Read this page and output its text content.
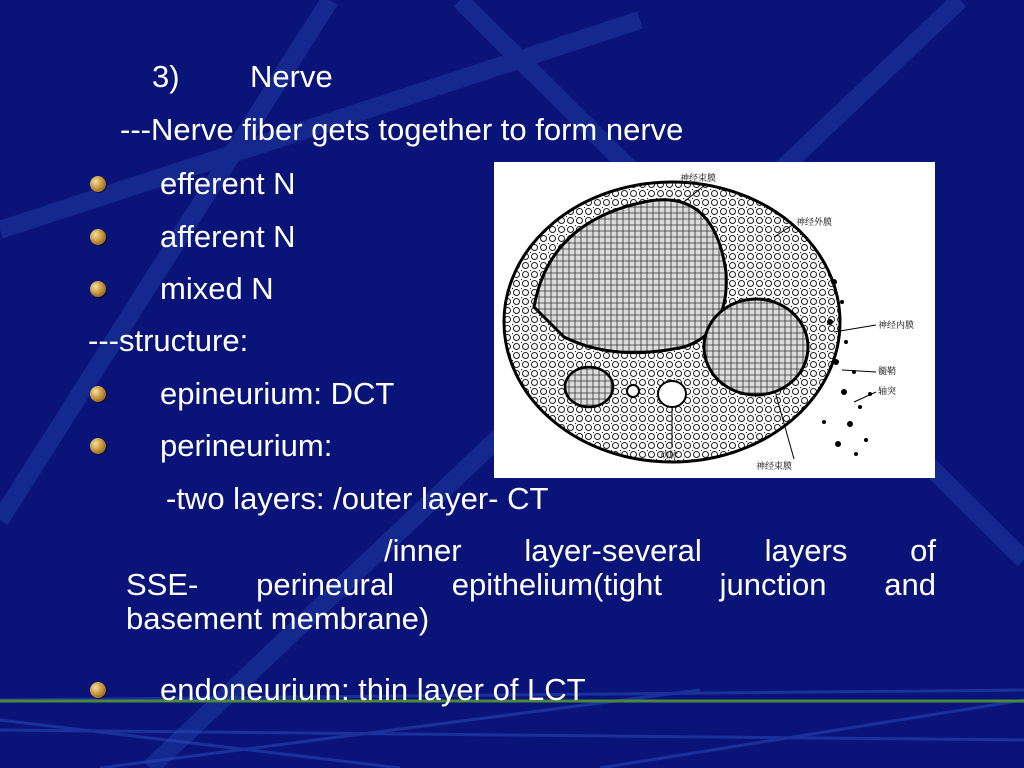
3) Nerve
---Nerve fiber gets together to form nerve
efferent N
afferent N
mixed N
---structure:
epineurium: DCT
perineurium:
-two layers: /outer layer- CT
/inner layer-several layers of
SSE- perineural epithelium(tight junction and
basement membrane)
endoneurium: thin layer of LCT
神经束膜
神经外膜
神经内膜
髓鞘
轴突
动脉
神经束膜
